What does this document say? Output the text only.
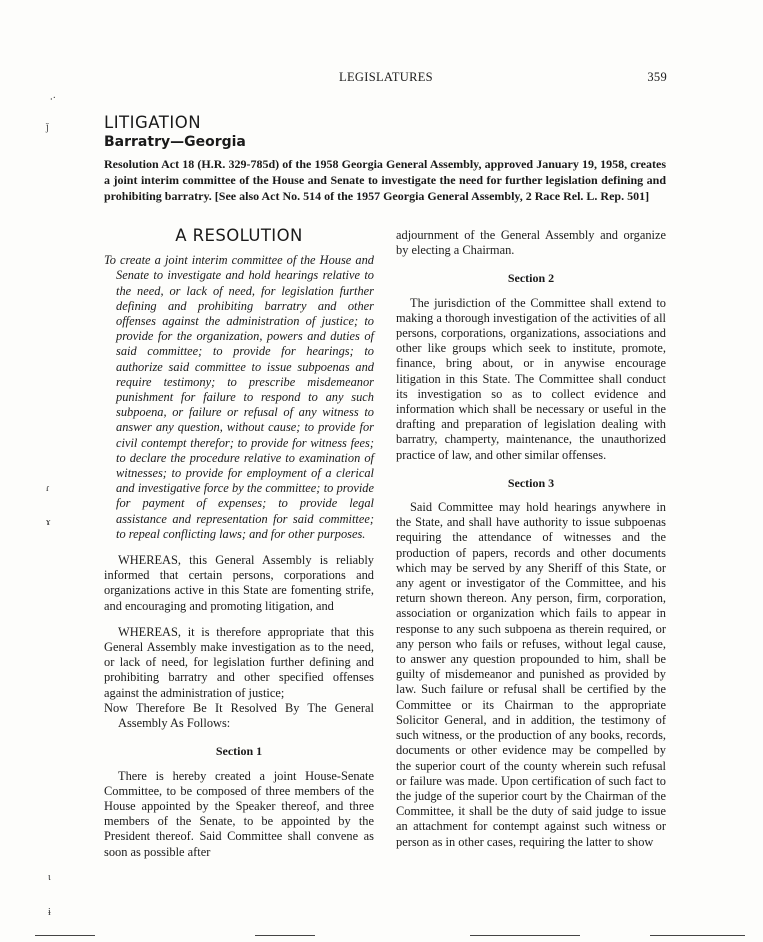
LEGISLATURES	359
LITIGATION
Barratry—Georgia
Resolution Act 18 (H.R. 329-785d) of the 1958 Georgia General Assembly, approved January 19, 1958, creates a joint interim committee of the House and Senate to investigate the need for further legislation defining and prohibiting barratry. [See also Act No. 514 of the 1957 Georgia General Assembly, 2 Race Rel. L. Rep. 501]
A RESOLUTION

To create a joint interim committee of the House and Senate to investigate and hold hearings relative to the need, or lack of need, for legislation further defining and prohibiting barratry and other offenses against the administration of justice; to provide for the organization, powers and duties of said committee; to provide for hearings; to authorize said committee to issue subpoenas and require testimony; to prescribe misdemeanor punishment for failure to respond to any such subpoena, or failure or refusal of any witness to answer any question, without cause; to provide for civil contempt therefor; to provide for witness fees; to declare the procedure relative to examination of witnesses; to provide for employment of a clerical and investigative force by the committee; to provide for payment of expenses; to provide legal assistance and representation for said committee; to repeal conflicting laws; and for other purposes.

WHEREAS, this General Assembly is reliably informed that certain persons, corporations and organizations active in this State are fomenting strife, and encouraging and promoting litigation, and

WHEREAS, it is therefore appropriate that this General Assembly make investigation as to the need, or lack of need, for legislation further defining and prohibiting barratry and other specified offenses against the administration of justice;

Now Therefore Be It Resolved By The General Assembly As Follows:

Section 1

There is hereby created a joint House-Senate Committee, to be composed of three members of the House appointed by the Speaker thereof, and three members of the Senate, to be appointed by the President thereof. Said Committee shall convene as soon as possible after

adjournment of the General Assembly and organize by electing a Chairman.

Section 2

The jurisdiction of the Committee shall extend to making a thorough investigation of the activities of all persons, corporations, organizations, associations and other like groups which seek to institute, promote, finance, bring about, or in anywise encourage litigation in this State. The Committee shall conduct its investigation so as to collect evidence and information which shall be necessary or useful in the drafting and preparation of legislation dealing with barratry, champerty, maintenance, the unauthorized practice of law, and other similar offenses.

Section 3

Said Committee may hold hearings anywhere in the State, and shall have authority to issue subpoenas requiring the attendance of witnesses and the production of papers, records and other documents which may be served by any Sheriff of this State, or any agent or investigator of the Committee, and his return shown thereon. Any person, firm, corporation, association or organization which fails to appear in response to any such subpoena as therein required, or any person who fails or refuses, without legal cause, to answer any question propounded to him, shall be guilty of misdemeanor and punished as provided by law. Such failure or refusal shall be certified by the Committee or its Chairman to the appropriate Solicitor General, and in addition, the testimony of such witness, or the production of any books, records, documents or other evidence may be compelled by the superior court of the county wherein such refusal or failure was made. Upon certification of such fact to the judge of the superior court by the Chairman of the Committee, it shall be the duty of said judge to issue an attachment for contempt against such witness or person as in other cases, requiring the latter to show

⸳·
ǰ
ɾ
ɤ
ɩ
ɨ
